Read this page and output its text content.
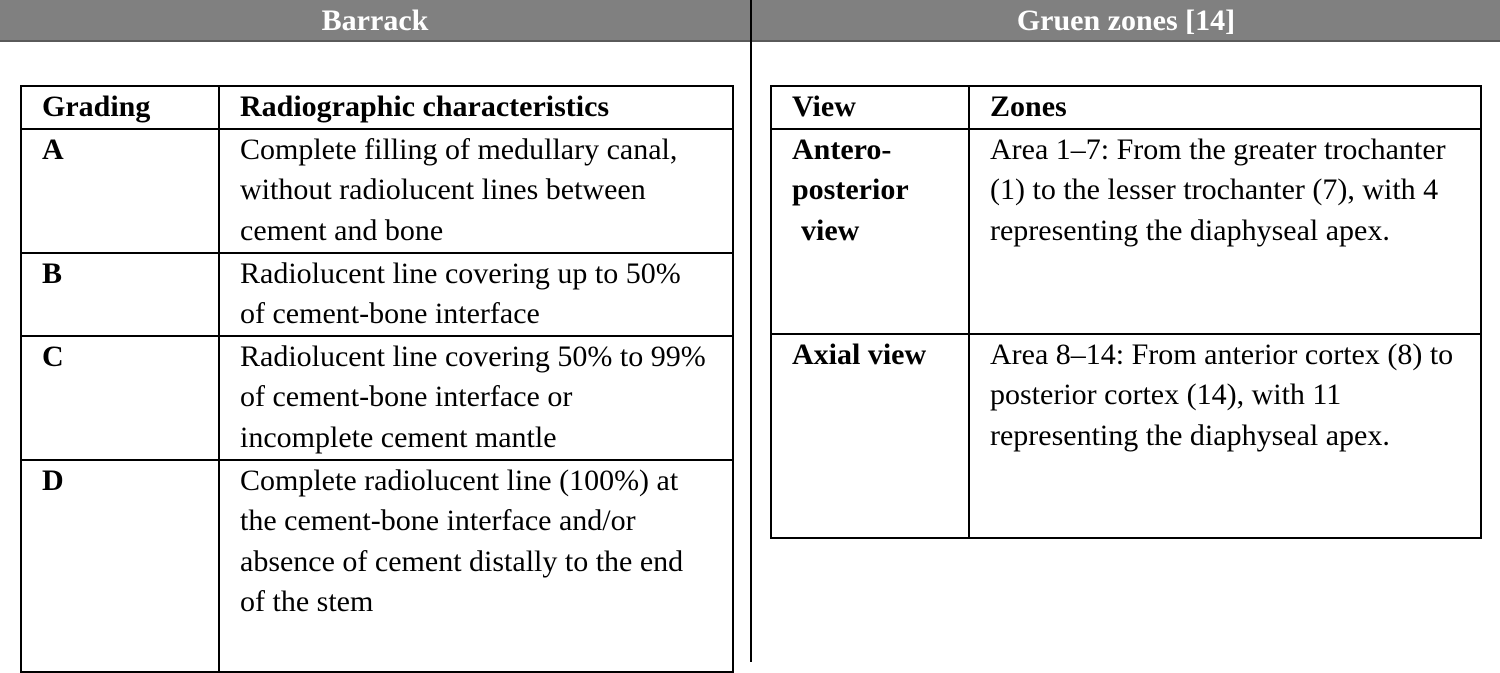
Barrack	Gruen zones [14]
Grading	Radiographic characteristics
A	Complete filling of medullary canal, without radiolucent lines between cement and bone
B	Radiolucent line covering up to 50% of cement-bone interface
C	Radiolucent line covering 50% to 99% of cement-bone interface or incomplete cement mantle
D	Complete radiolucent line (100%) at the cement-bone interface and/or absence of cement distally to the end of the stem
View	Zones

Antero-
posterior
view	Area 1–7: From the greater trochanter (1) to the lesser trochanter (7), with 4 representing the diaphyseal apex.

Axial view	Area 8–14: From anterior cortex (8) to posterior cortex (14), with 11 representing the diaphyseal apex.
